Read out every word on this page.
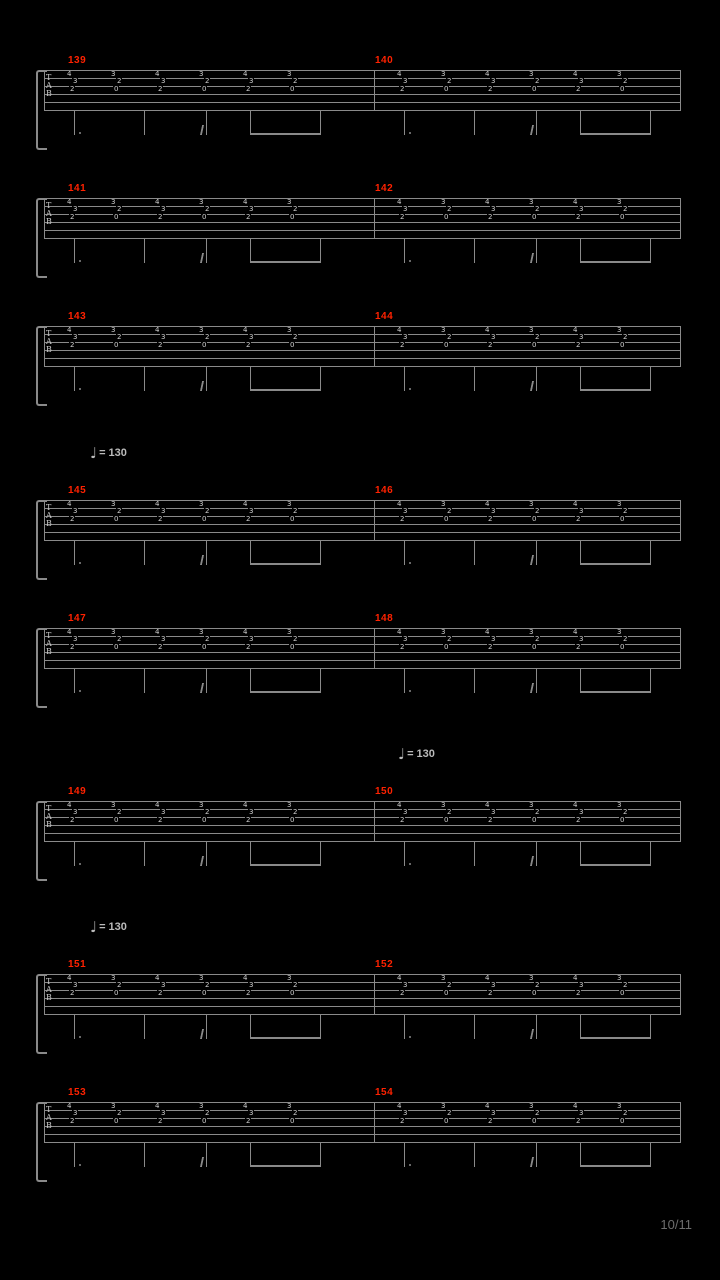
139	140
T
A
B
4
3
2
3
2
0
4
3
2
3
2
0
4
3
2
3
2
0
4
3
2
3
2
0
4
3
2
3
2
0
4
3
2
3
2
0
141	142
T
A
B
4
3
2
3
2
0
4
3
2
3
2
0
4
3
2
3
2
0
4
3
2
3
2
0
4
3
2
3
2
0
4
3
2
3
2
0
143	144
T
A
B
4
3
2
3
2
0
4
3
2
3
2
0
4
3
2
3
2
0
4
3
2
3
2
0
4
3
2
3
2
0
4
3
2
3
2
0
♩ = 130
145	146
T
A
B
4
3
2
3
2
0
4
3
2
3
2
0
4
3
2
3
2
0
4
3
2
3
2
0
4
3
2
3
2
0
4
3
2
3
2
0
147	148
T
A
B
4
3
2
3
2
0
4
3
2
3
2
0
4
3
2
3
2
0
4
3
2
3
2
0
4
3
2
3
2
0
4
3
2
3
2
0
♩ = 130
149	150
T
A
B
4
3
2
3
2
0
4
3
2
3
2
0
4
3
2
3
2
0
4
3
2
3
2
0
4
3
2
3
2
0
4
3
2
3
2
0
♩ = 130
151	152
T
A
B
4
3
2
3
2
0
4
3
2
3
2
0
4
3
2
3
2
0
4
3
2
3
2
0
4
3
2
3
2
0
4
3
2
3
2
0
153	154
T
A
B
4
3
2
3
2
0
4
3
2
3
2
0
4
3
2
3
2
0
4
3
2
3
2
0
4
3
2
3
2
0
4
3
2
3
2
0
10/11
